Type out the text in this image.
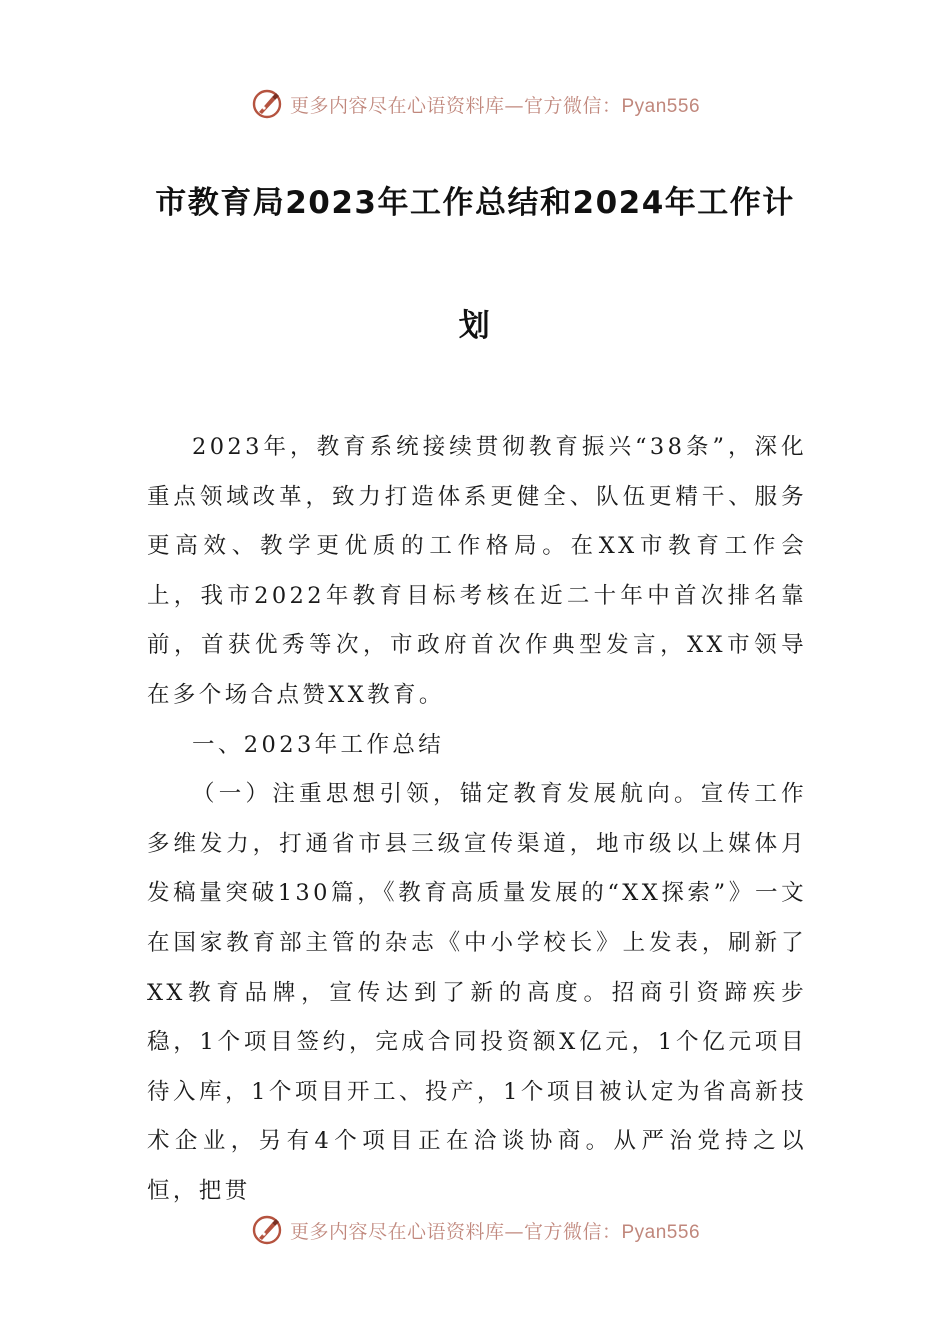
更多内容尽在心语资料库—官方微信：Pyan556
市教育局2023年工作总结和2024年工作计
划

2023年，教育系统接续贯彻教育振兴“38条”，深化重点领域改革，致力打造体系更健全、队伍更精干、服务更高效、教学更优质的工作格局。在XX市教育工作会上，我市2022年教育目标考核在近二十年中首次排名靠前，首获优秀等次，市政府首次作典型发言，XX市领导在多个场合点赞XX教育。

一、2023年工作总结

（一）注重思想引领，锚定教育发展航向。宣传工作多维发力，打通省市县三级宣传渠道，地市级以上媒体月发稿量突破130篇，《教育高质量发展的“XX探索”》一文在国家教育部主管的杂志《中小学校长》上发表，刷新了XX教育品牌，宣传达到了新的高度。招商引资蹄疾步稳，1个项目签约，完成合同投资额X亿元，1个亿元项目待入库，1个项目开工、投产，1个项目被认定为省高新技术企业，另有4个项目正在洽谈协商。从严治党持之以恒，把贯

更多内容尽在心语资料库—官方微信：Pyan556
